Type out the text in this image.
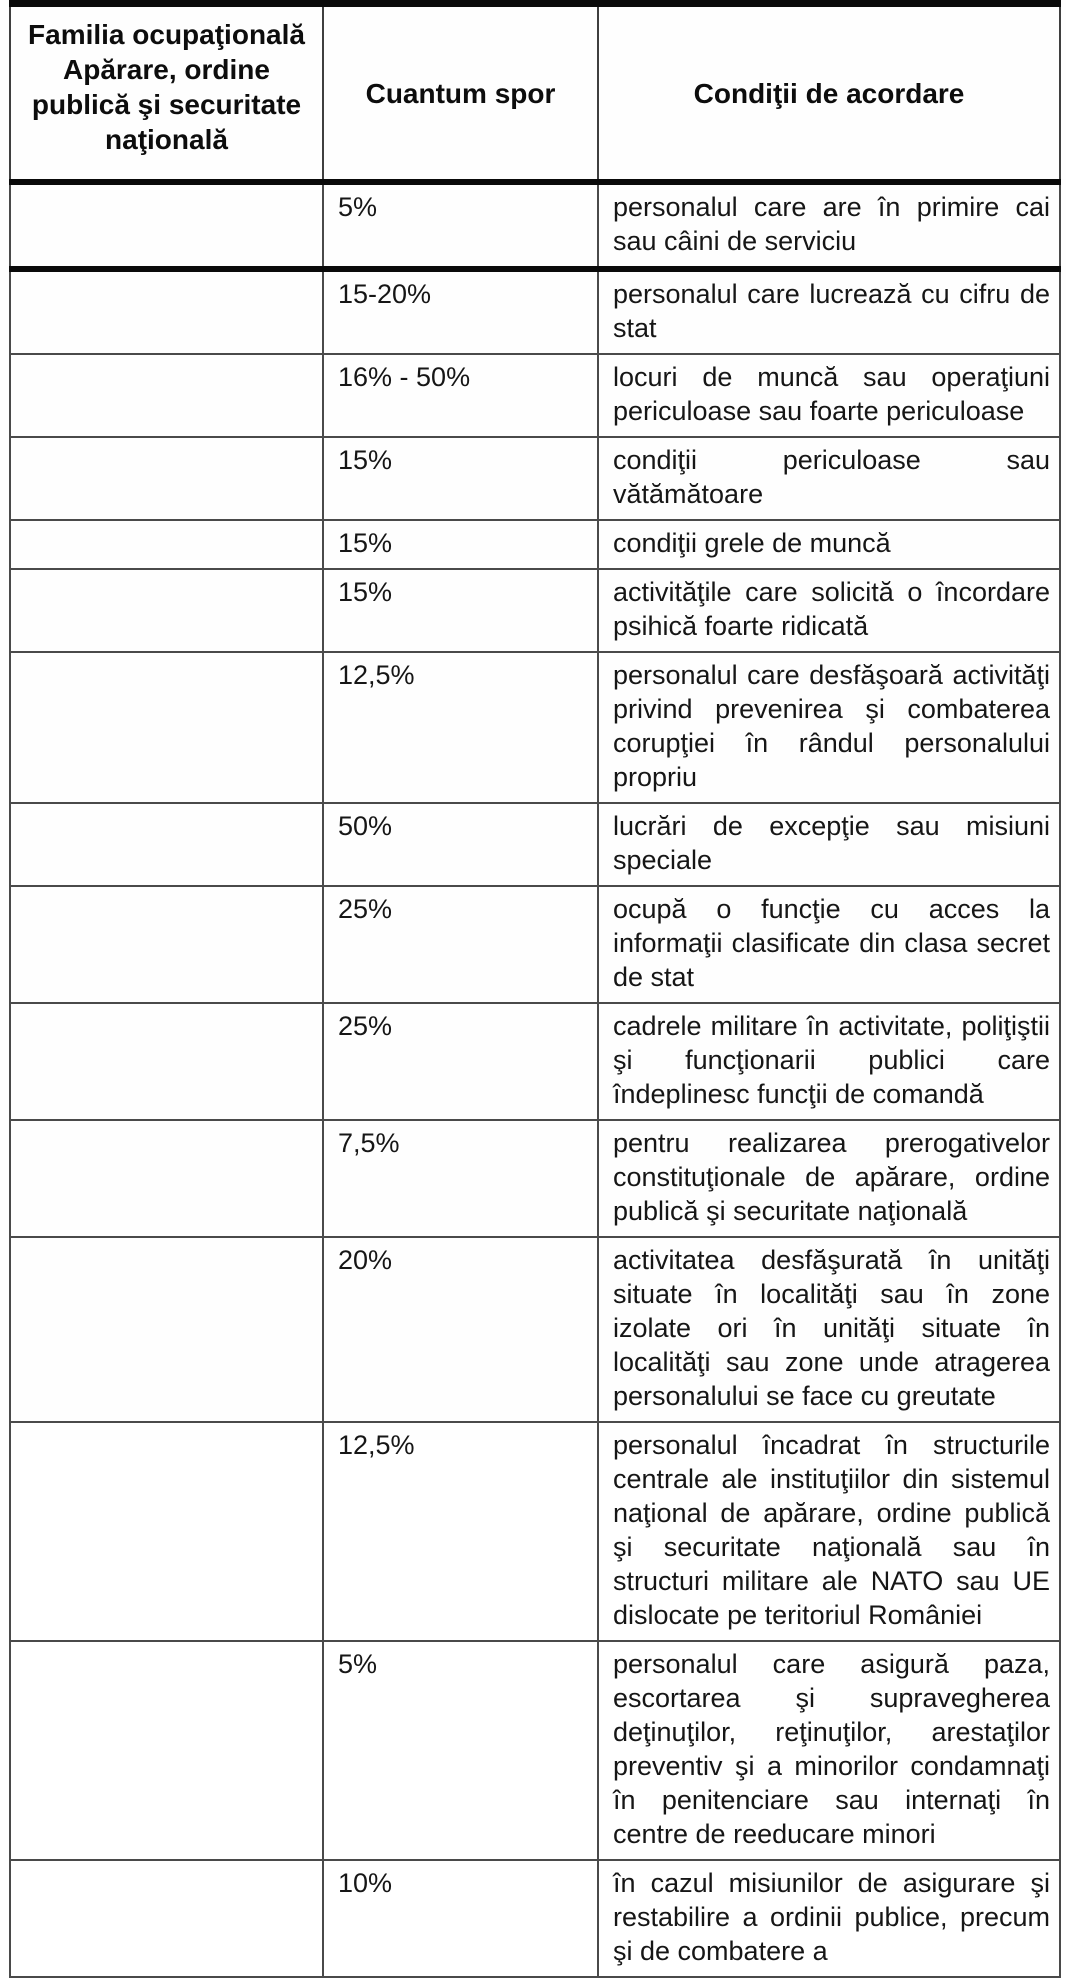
Familia ocupaţională Apărare, ordine publică şi securitate naţională	Cuantum spor	Condiţii de acordare
	5%	personalul care are în primire cai sau câini de serviciu
	15-20%	personalul care lucrează cu cifru de stat
	16% - 50%	locuri de muncă sau operaţiuni periculoase sau foarte periculoase
	15%	condiţii periculoase sau vătămătoare
	15%	condiţii grele de muncă
	15%	activităţile care solicită o încordare psihică foarte ridicată
	12,5%	personalul care desfăşoară activităţi privind prevenirea şi combaterea corupţiei în rândul personalului propriu
	50%	lucrări de excepţie sau misiuni speciale
	25%	ocupă o funcţie cu acces la informaţii clasificate din clasa secret de stat
	25%	cadrele militare în activitate, poliţiştii şi funcţionarii publici care îndeplinesc funcţii de comandă
	7,5%	pentru realizarea prerogativelor constituţionale de apărare, ordine publică şi securitate naţională
	20%	activitatea desfăşurată în unităţi situate în localităţi sau în zone izolate ori în unităţi situate în localităţi sau zone unde atragerea personalului se face cu greutate
	12,5%	personalul încadrat în structurile centrale ale instituţiilor din sistemul naţional de apărare, ordine publică şi securitate naţională sau în structuri militare ale NATO sau UE dislocate pe teritoriul României
	5%	personalul care asigură paza, escortarea şi supravegherea deţinuţilor, reţinuţilor, arestaţilor preventiv şi a minorilor condamnaţi în penitenciare sau internaţi în centre de reeducare minori
	10%	în cazul misiunilor de asigurare şi restabilire a ordinii publice, precum şi de combatere a
